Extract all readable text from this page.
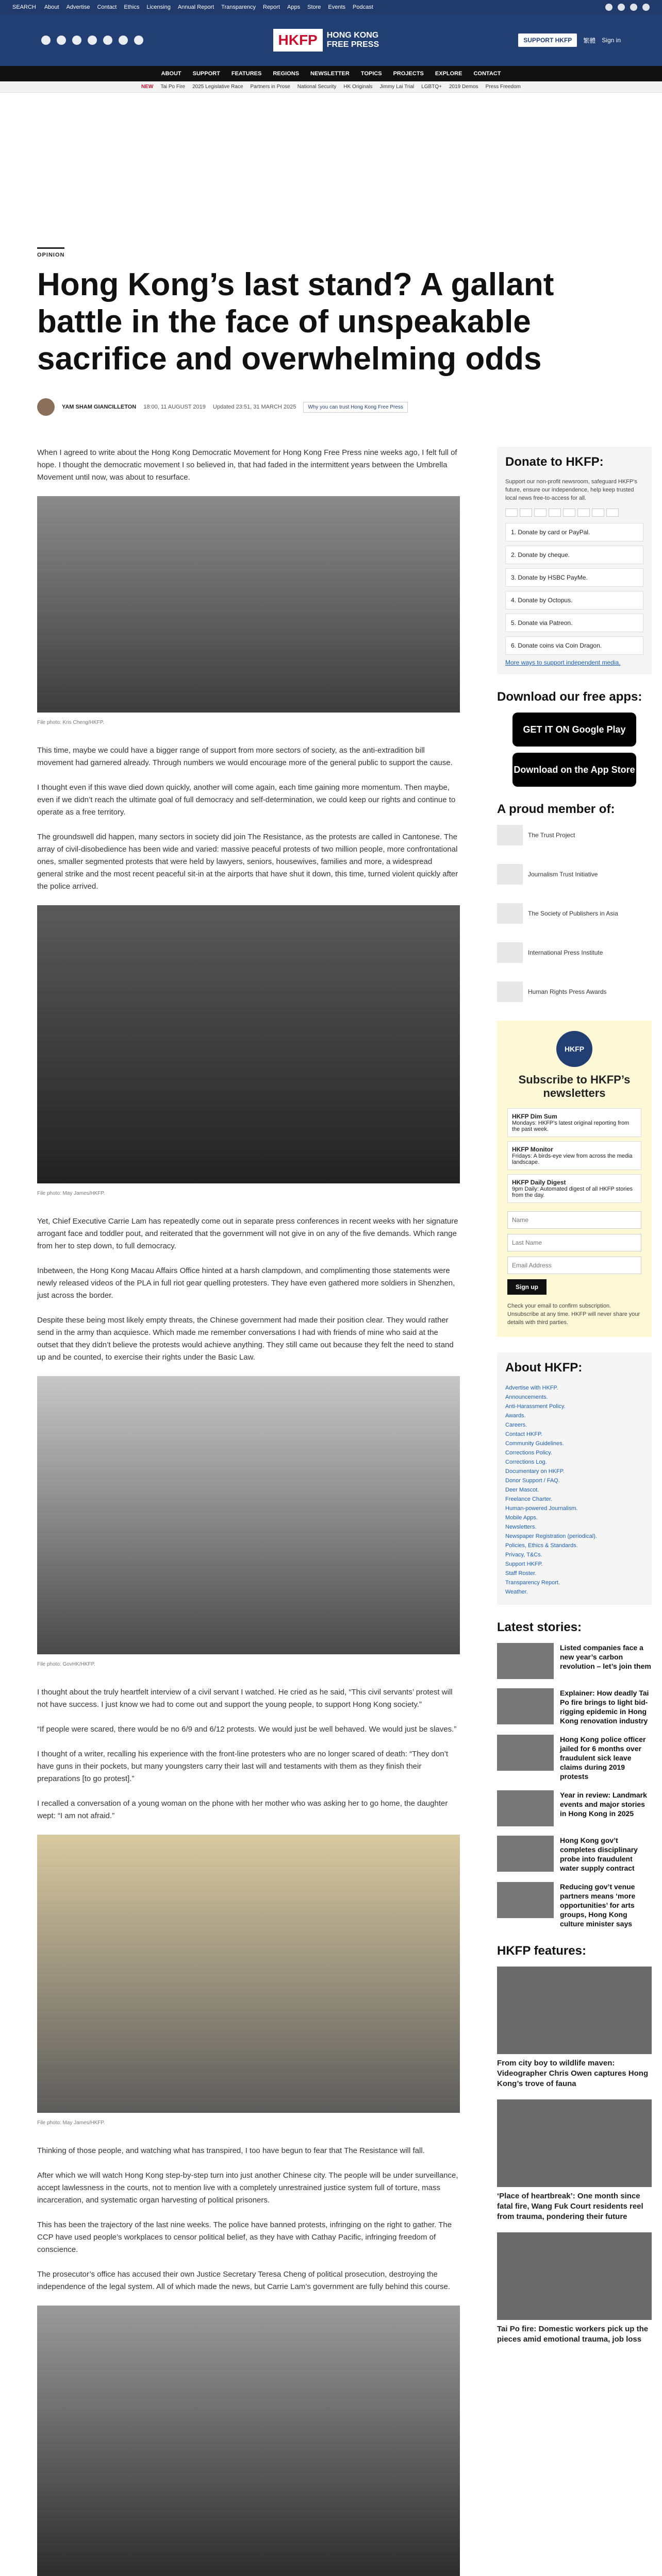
SEARCH About Advertise Contact Ethics Licensing Annual Report Transparency Report Apps Store Events Podcast
HKFP	HONG KONG FREE PRESS	SUPPORT HKFP	繁體 Sign in
ABOUT SUPPORT FEATURES REGIONS NEWSLETTER TOPICS PROJECTS EXPLORE CONTACT
NEW Tai Po Fire 2025 Legislative Race Partners in Prose National Security HK Originals Jimmy Lai Trial LGBTQ+ 2019 Demos Press Freedom
OPINION
Hong Kong’s last stand? A gallant battle in the face of unspeakable sacrifice and overwhelming odds
YAM SHAM GIANCILLETON 18:00, 11 AUGUST 2019 Updated 23:51, 31 MARCH 2025	Why you can trust Hong Kong Free Press

When I agreed to write about the Hong Kong Democratic Movement for Hong Kong Free Press nine weeks ago, I felt full of hope. I thought the democratic movement I so believed in, that had faded in the intermittent years between the Umbrella Movement until now, was about to resurface.

File photo: Kris Cheng/HKFP.

This time, maybe we could have a bigger range of support from more sectors of society, as the anti-extradition bill movement had garnered already. Through numbers we would encourage more of the general public to support the cause.

I thought even if this wave died down quickly, another will come again, each time gaining more momentum. Then maybe, even if we didn’t reach the ultimate goal of full democracy and self-determination, we could keep our rights and continue to operate as a free territory.

The groundswell did happen, many sectors in society did join The Resistance, as the protests are called in Cantonese. The array of civil-disobedience has been wide and varied: massive peaceful protests of two million people, more confrontational ones, smaller segmented protests that were held by lawyers, seniors, housewives, families and more, a widespread general strike and the most recent peaceful sit-in at the airports that have shut it down, this time, turned violent quickly after the police arrived.

File photo: May James/HKFP.

Yet, Chief Executive Carrie Lam has repeatedly come out in separate press conferences in recent weeks with her signature arrogant face and toddler pout, and reiterated that the government will not give in on any of the five demands. Which range from her to step down, to full democracy.

Inbetween, the Hong Kong Macau Affairs Office hinted at a harsh clampdown, and complimenting those statements were newly released videos of the PLA in full riot gear quelling protesters. They have even gathered more soldiers in Shenzhen, just across the border.

Despite these being most likely empty threats, the Chinese government had made their position clear. They would rather send in the army than acquiesce. Which made me remember conversations I had with friends of mine who said at the outset that they didn’t believe the protests would achieve anything. They still came out because they felt the need to stand up and be counted, to exercise their rights under the Basic Law.

File photo: GovHK/HKFP.

I thought about the truly heartfelt interview of a civil servant I watched. He cried as he said, “This civil servants’ protest will not have success. I just know we had to come out and support the young people, to support Hong Kong society.”

“If people were scared, there would be no 6/9 and 6/12 protests. We would just be well behaved. We would just be slaves.”

I thought of a writer, recalling his experience with the front-line protesters who are no longer scared of death: “They don’t have guns in their pockets, but many youngsters carry their last will and testaments with them as they finish their preparations [to go protest].”

I recalled a conversation of a young woman on the phone with her mother who was asking her to go home, the daughter wept: “I am not afraid.”

File photo: May James/HKFP.

Thinking of those people, and watching what has transpired, I too have begun to fear that The Resistance will fall.

After which we will watch Hong Kong step-by-step turn into just another Chinese city. The people will be under surveillance, accept lawlessness in the courts, not to mention live with a completely unrestrained justice system full of torture, mass incarceration, and systematic organ harvesting of political prisoners.

This has been the trajectory of the last nine weeks. The police have banned protests, infringing on the right to gather. The CCP have used people’s workplaces to censor political belief, as they have with Cathay Pacific, infringing freedom of conscience.

The prosecutor’s office has accused their own Justice Secretary Teresa Cheng of political prosecution, destroying the independence of the legal system. All of which made the news, but Carrie Lam’s government are fully behind this course.

Donate to HKFP:
Support our non-profit newsroom, safeguard HKFP’s future, ensure our independence, help keep trusted local news free-to-access for all.
1. Donate by card or PayPal.
2. Donate by cheque.
3. Donate by HSBC PayMe.
4. Donate by Octopus.
5. Donate via Patreon.
6. Donate coins via Coin Dragon.
More ways to support independent media.
Download our free apps:
GET IT ON Google Play
Download on the App Store
A proud member of:
The Trust Project
Journalism Trust Initiative
The Society of Publishers in Asia
International Press Institute
Human Rights Press Awards
HKFP
Subscribe to HKFP’s newsletters
HKFP Dim Sum
Mondays: HKFP’s latest original reporting from the past week.
HKFP Monitor
Fridays: A birds-eye view from across the media landscape.
HKFP Daily Digest
9pm Daily: Automated digest of all HKFP stories from the day.
Name Last Name Email Address Sign up
Check your email to confirm subscription. Unsubscribe at any time. HKFP will never share your details with third parties.
About HKFP:
Advertise with HKFP.
Announcements.
Anti-Harassment Policy.
Awards.
Careers.
Contact HKFP.
Community Guidelines.
Corrections Policy.
Corrections Log.
Documentary on HKFP.
Donor Support / FAQ.
Deer Mascot.
Freelance Charter.
Human-powered Journalism.
Mobile Apps.
Newsletters.
Newspaper Registration (periodical).
Policies, Ethics & Standards.
Privacy, T&Cs.
Support HKFP.
Staff Roster.
Transparency Report.
Weather.
Latest stories:
Listed companies face a new year’s carbon revolution – let’s join them
Explainer: How deadly Tai Po fire brings to light bid-rigging epidemic in Hong Kong renovation industry
Hong Kong police officer jailed for 6 months over fraudulent sick leave claims during 2019 protests
Year in review: Landmark events and major stories in Hong Kong in 2025
Hong Kong gov’t completes disciplinary probe into fraudulent water supply contract
Reducing gov’t venue partners means ‘more opportunities’ for arts groups, Hong Kong culture minister says
HKFP features:
From city boy to wildlife maven: Videographer Chris Owen captures Hong Kong’s trove of fauna
‘Place of heartbreak’: One month since fatal fire, Wang Fuk Court residents reel from trauma, pondering their future
Tai Po fire: Domestic workers pick up the pieces amid emotional trauma, job loss
